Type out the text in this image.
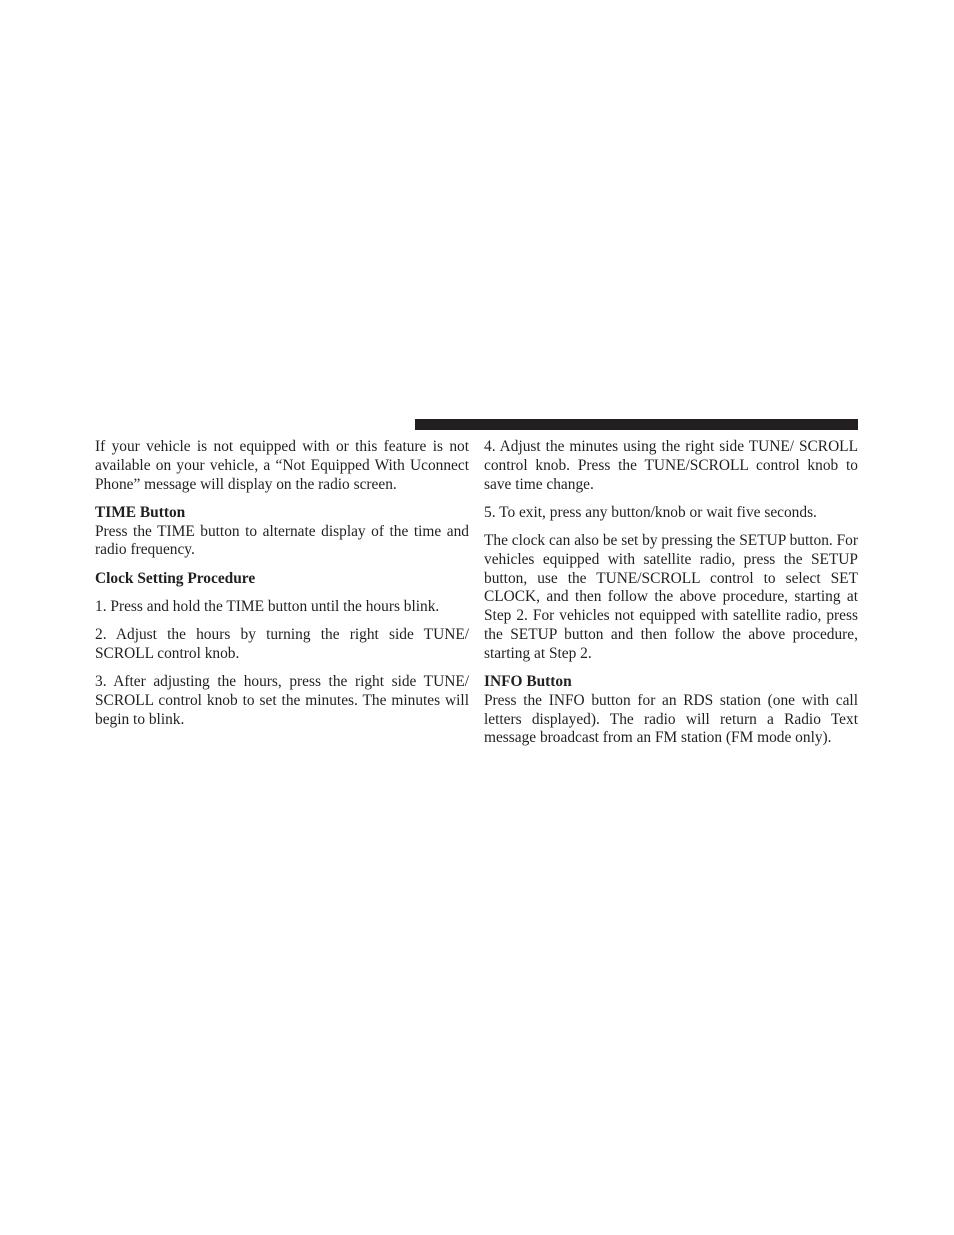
If your vehicle is not equipped with or this feature is not available on your vehicle, a “Not Equipped With Uconnect Phone” message will display on the radio screen.

TIME Button

Press the TIME button to alternate display of the time and radio frequency.

Clock Setting Procedure

1. Press and hold the TIME button until the hours blink.

2. Adjust the hours by turning the right side TUNE/ SCROLL control knob.

3. After adjusting the hours, press the right side TUNE/ SCROLL control knob to set the minutes. The minutes will begin to blink.

4. Adjust the minutes using the right side TUNE/ SCROLL control knob. Press the TUNE/SCROLL control knob to save time change.

5. To exit, press any button/knob or wait five seconds.

The clock can also be set by pressing the SETUP button. For vehicles equipped with satellite radio, press the SETUP button, use the TUNE/SCROLL control to select SET CLOCK, and then follow the above procedure, starting at Step 2. For vehicles not equipped with satellite radio, press the SETUP button and then follow the above procedure, starting at Step 2.

INFO Button

Press the INFO button for an RDS station (one with call letters displayed). The radio will return a Radio Text message broadcast from an FM station (FM mode only).
